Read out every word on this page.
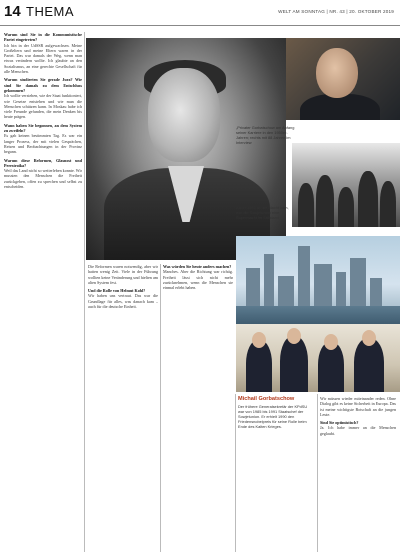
14 THEMA	WELT AM SONNTAG | NR. 43 | 20. OKTOBER 2019

Warum sind Sie in die Kommunistische Partei eingetreten?

Ich bin in der UdSSR aufgewachsen. Meine Großeltern und meine Eltern waren in der Partei. Das war damals der Weg, wenn man etwas verändern wollte. Ich glaubte an den Sozialismus, an eine gerechte Gesellschaft für alle Menschen.

Warum studierten Sie gerade Jura? Wie sind Sie damals zu dem Entschluss gekommen?

Ich wollte verstehen, wie der Staat funktioniert, wie Gesetze entstehen und wie man die Menschen schützen kann. In Moskau habe ich viele Freunde gefunden, die mein Denken bis heute prägen.

Wann haben Sie begonnen, an dem System zu zweifeln?

Es gab keinen bestimmten Tag. Es war ein langer Prozess, der mit vielen Gesprächen, Reisen und Beobachtungen in der Provinz begann.

Warum diese Reformen, Glasnost und Perestroika?

Weil das Land nicht so weiterleben konnte. Wir mussten den Menschen die Freiheit zurückgeben, offen zu sprechen und selbst zu entscheiden.

„Privater Gorbatschow am Anfang seiner Karriere in den 1950er-Jahren; rechts mit 88 Jahren im Interview
Als er 1985 an die Macht kam, war die Sowjetunion eine Supermacht im Stillstand

Die Reformen waren notwendig, aber wir hatten wenig Zeit. Viele in der Führung wollten keine Veränderung und hielten am alten System fest.

Und die Rolle von Helmut Kohl?

Wir haben uns vertraut. Das war die Grundlage für alles, was danach kam – auch für die deutsche Einheit.

Was würden Sie heute anders machen?

Manches. Aber die Richtung war richtig. Freiheit lässt sich nicht mehr zurücknehmen, wenn die Menschen sie einmal erlebt haben.

Michail Gorbatschow
Der frühere Generalsekretär der KPdSU war von 1985 bis 1991 Staatschef der Sowjetunion. Er erhielt 1990 den Friedensnobelpreis für seine Rolle beim Ende des Kalten Krieges.

Wir müssen wieder miteinander reden. Ohne Dialog gibt es keine Sicherheit in Europa. Das ist meine wichtigste Botschaft an die jungen Leute.

Sind Sie optimistisch?

Ja. Ich habe immer an die Menschen geglaubt.
